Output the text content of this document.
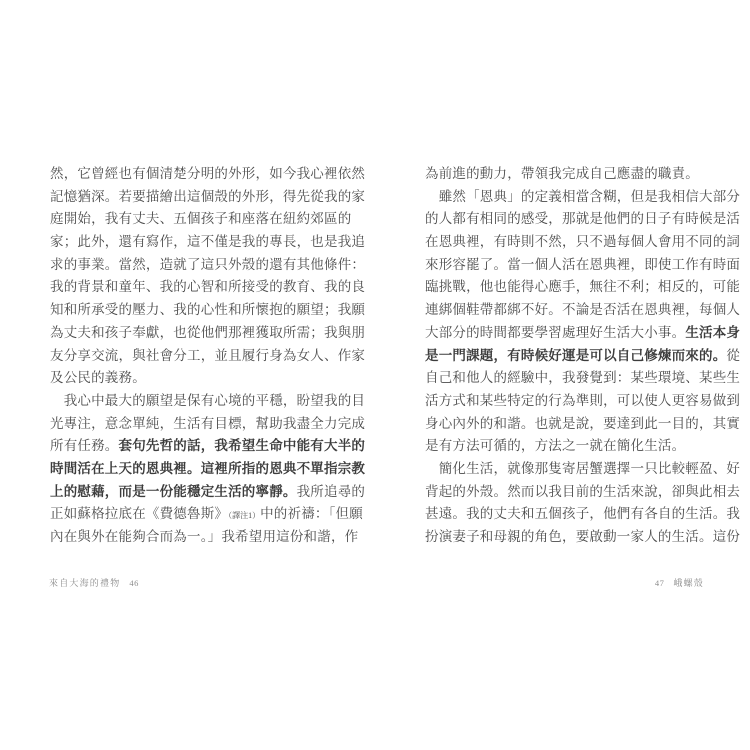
然，它曾經也有個清楚分明的外形，如今我心裡依然
記憶猶深。若要描繪出這個殼的外形，得先從我的家
庭開始，我有丈夫、五個孩子和座落在紐約郊區的
家；此外，還有寫作，這不僅是我的專長，也是我追
求的事業。當然，造就了這只外殼的還有其他條件：
我的背景和童年、我的心智和所接受的教育、我的良
知和所承受的壓力、我的心性和所懷抱的願望；我願
為丈夫和孩子奉獻，也從他們那裡獲取所需；我與朋
友分享交流，與社會分工，並且履行身為女人、作家
及公民的義務。
　我心中最大的願望是保有心境的平穩，盼望我的目
光專注，意念單純，生活有目標，幫助我盡全力完成
所有任務。套句先哲的話，我希望生命中能有大半的
時間活在上天的恩典裡。這裡所指的恩典不單指宗教
上的慰藉，而是一份能穩定生活的寧靜。我所追尋的
正如蘇格拉底在《費德魯斯》（譯注1）中的祈禱：「但願
內在與外在能夠合而為一。」我希望用這份和諧，作
為前進的動力，帶領我完成自己應盡的職責。
　雖然「恩典」的定義相當含糊，但是我相信大部分
的人都有相同的感受，那就是他們的日子有時候是活
在恩典裡，有時則不然，只不過每個人會用不同的詞
來形容罷了。當一個人活在恩典裡，即使工作有時面
臨挑戰，他也能得心應手，無往不利；相反的，可能
連綁個鞋帶都綁不好。不論是否活在恩典裡，每個人
大部分的時間都要學習處理好生活大小事。生活本身
是一門課題，有時候好運是可以自己修煉而來的。從
自己和他人的經驗中，我發覺到：某些環境、某些生
活方式和某些特定的行為準則，可以使人更容易做到
身心內外的和諧。也就是說，要達到此一目的，其實
是有方法可循的，方法之一就在簡化生活。
　簡化生活，就像那隻寄居蟹選擇一只比較輕盈、好
背起的外殼。然而以我目前的生活來說，卻與此相去
甚遠。我的丈夫和五個孩子，他們有各自的生活。我
扮演妻子和母親的角色，要啟動一家人的生活。這份
來自大海的禮物 46	47 峨螺殼
